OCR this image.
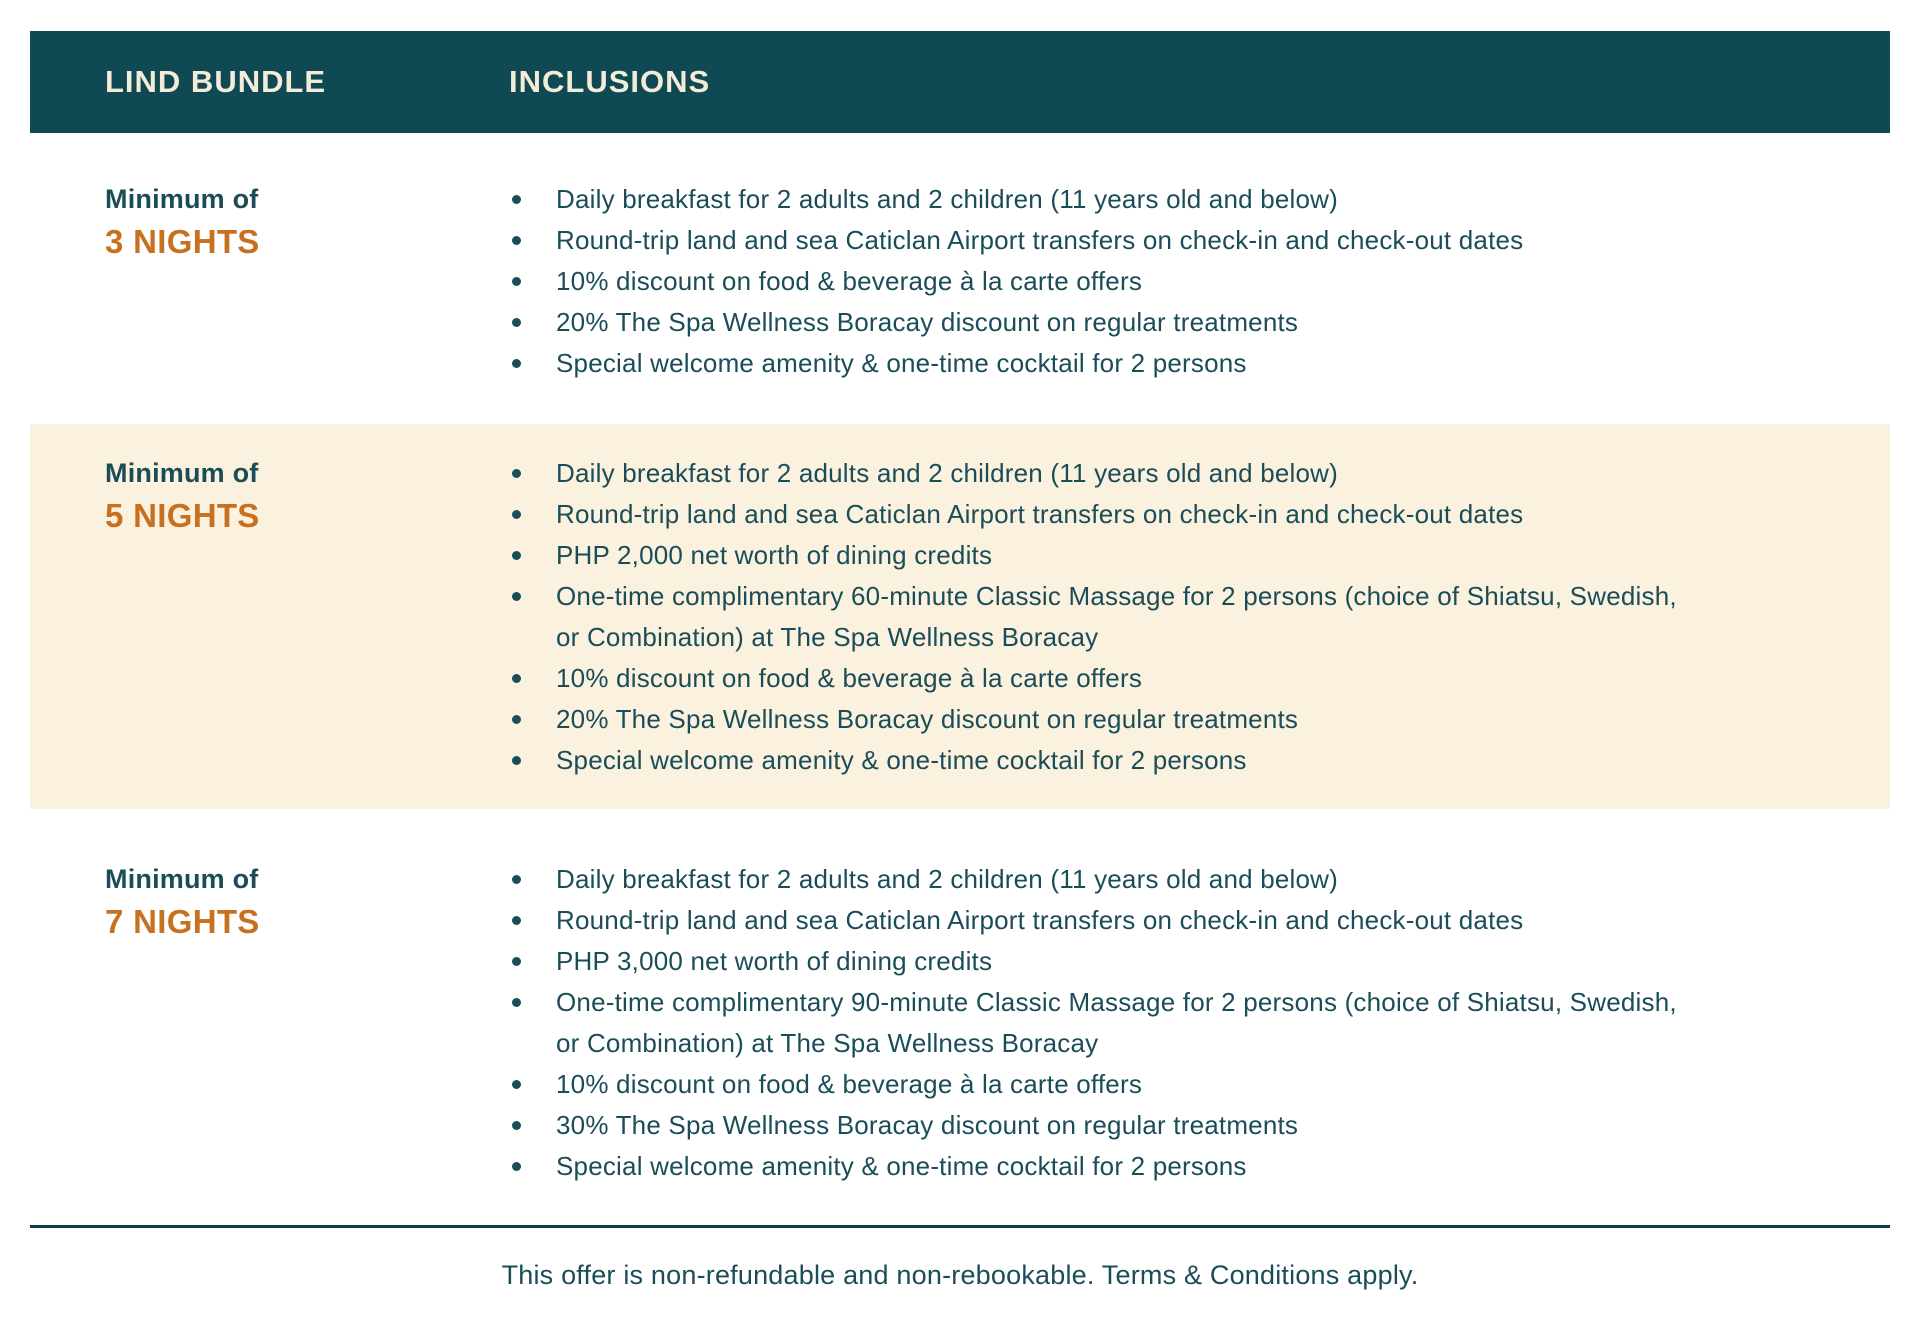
LIND BUNDLE	INCLUSIONS

Minimum of

3 NIGHTS

Daily breakfast for 2 adults and 2 children (11 years old and below)
Round-trip land and sea Caticlan Airport transfers on check-in and check-out dates
10% discount on food & beverage à la carte offers
20% The Spa Wellness Boracay discount on regular treatments
Special welcome amenity & one-time cocktail for 2 persons

Minimum of

5 NIGHTS

Daily breakfast for 2 adults and 2 children (11 years old and below)
Round-trip land and sea Caticlan Airport transfers on check-in and check-out dates
PHP 2,000 net worth of dining credits
One-time complimentary 60-minute Classic Massage for 2 persons (choice of Shiatsu, Swedish, or Combination) at The Spa Wellness Boracay
10% discount on food & beverage à la carte offers
20% The Spa Wellness Boracay discount on regular treatments
Special welcome amenity & one-time cocktail for 2 persons

Minimum of

7 NIGHTS

Daily breakfast for 2 adults and 2 children (11 years old and below)
Round-trip land and sea Caticlan Airport transfers on check-in and check-out dates
PHP 3,000 net worth of dining credits
One-time complimentary 90-minute Classic Massage for 2 persons (choice of Shiatsu, Swedish, or Combination) at The Spa Wellness Boracay
10% discount on food & beverage à la carte offers
30% The Spa Wellness Boracay discount on regular treatments
Special welcome amenity & one-time cocktail for 2 persons

This offer is non-refundable and non-rebookable. Terms & Conditions apply.
